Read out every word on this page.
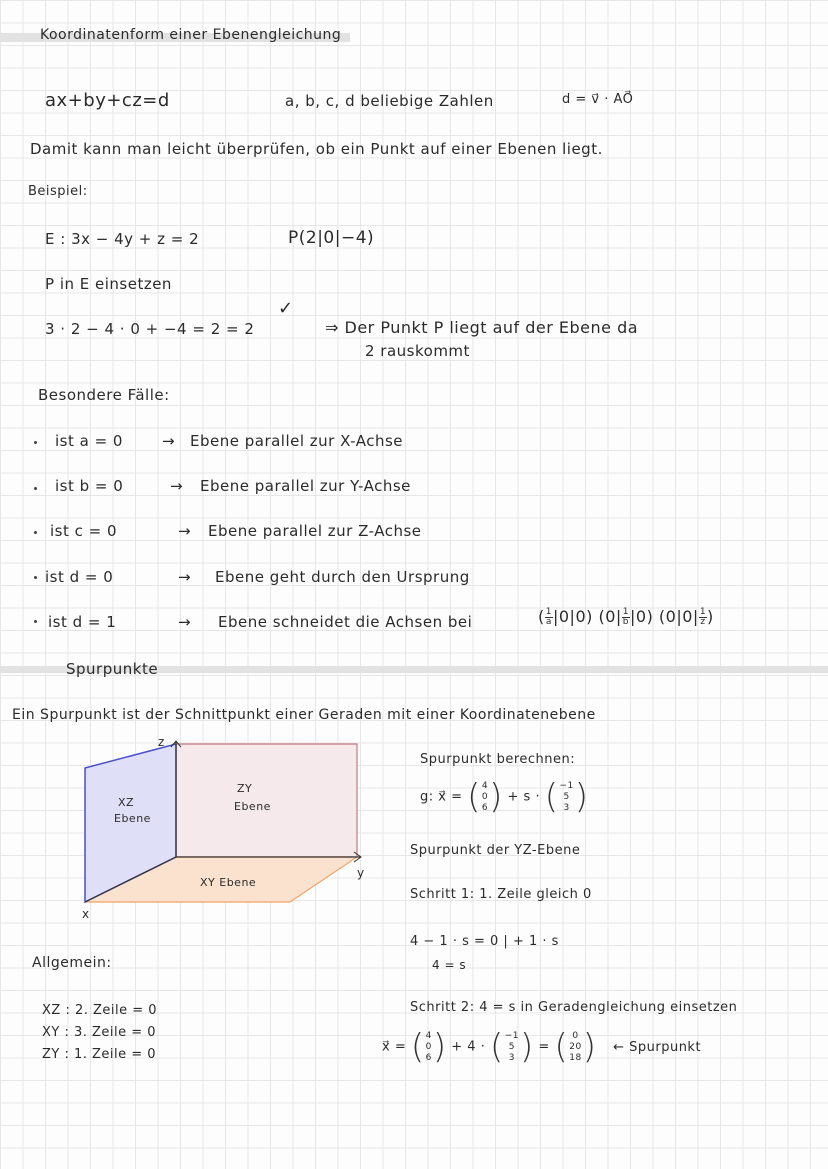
Koordinatenform einer Ebenengleichung
ax+by+cz=d	a, b, c, d beliebige Zahlen	d = v⃗ · AO⃗
Damit kann man leicht überprüfen, ob ein Punkt auf einer Ebenen liegt.
Beispiel:
E : 3x − 4y + z = 2	P(2|0|−4)
P in E einsetzen
3 · 2 − 4 · 0 + −4 = 2 = 2
✓
⇒ Der Punkt P liegt auf der Ebene da
2 rauskommt
Besondere Fälle:
ist a = 0	→ Ebene parallel zur X-Achse
ist b = 0	→ Ebene parallel zur Y-Achse
ist c = 0	→ Ebene parallel zur Z-Achse
ist d = 0	→ Ebene geht durch den Ursprung
ist d = 1	→ Ebene schneidet die Achsen bei	( $\frac{1}{a} |0|0$) $(0| \frac{1}{b} |0)$ ($0|0| \frac{1}{z}$ )
Spurpunkte
Ein Spurpunkt ist der Schnittpunkt einer Geraden mit einer Koordinatenebene
z
y
x
XZ
Ebene
ZY
Ebene
XY Ebene
Allgemein:
XZ : 2. Zeile = 0
XY : 3. Zeile = 0
ZY : 1. Zeile = 0
Spurpunkt berechnen:
g: x⃗ = ( 4
0
6 ) + s · ( −1
5
3 )
Spurpunkt der YZ-Ebene
Schritt 1: 1. Zeile gleich 0
4 − 1 · s = 0 | + 1 · s
4 = s
Schritt 2: 4 = s in Geradengleichung einsetzen
x⃗ = ( 4
0
6 ) + 4 · ( −1
5
3 ) = ( 0
20
18 ) ← Spurpunkt
